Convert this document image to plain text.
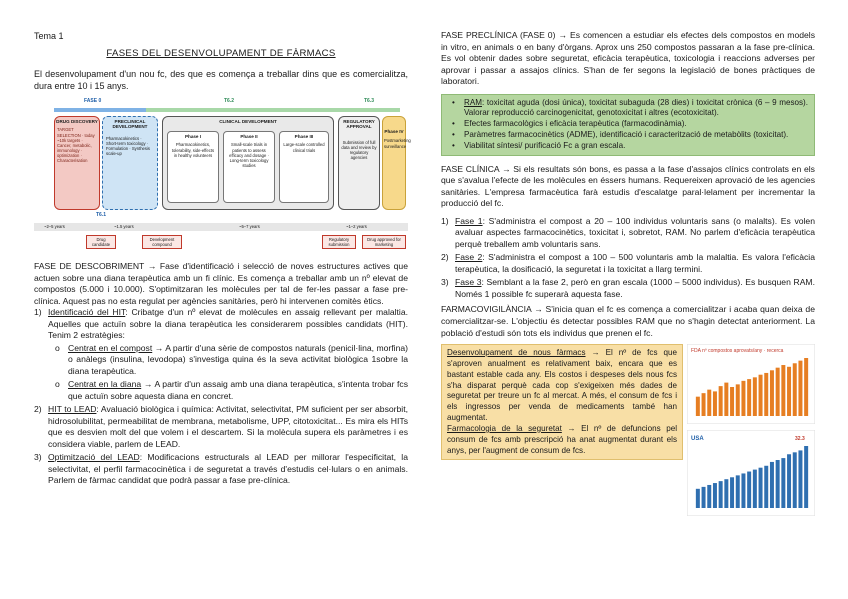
Tema 1
FASES DEL DESENVOLUPAMENT DE FÀRMACS

El desenvolupament d'un nou fc, des que es comença a treballar dins que es comercialitza, dura entre 10 i 15 anys.

FASE 0	T6.2	T6.3
DRUG DISCOVERY
TARGET SELECTION · today ~10k targets · Cancer, metabolic, immunology · optimization · Characterisation
PRECLINICAL DEVELOPMENT
Pharmacokinetics · Short-term toxicology · Formulation · Synthesis scale-up
CLINICAL DEVELOPMENT
Phase I
Pharmacokinetics, tolerability, side-effects in healthy volunteers
Phase II
Small-scale trials in patients to assess efficacy and dosage · Long-term toxicology studies
Phase III
Large-scale controlled clinical trials
REGULATORY APPROVAL
Submission of full data and review by regulatory agencies
Phase IV
Postmarketing surveillance
T6.1
~2–5 years	~1.5 years	~5–7 years	~1–2 years
Drug candidate
Development compound
Regulatory submission
Drug approved for marketing

FASE DE DESCOBRIMENT → Fase d'identificació i selecció de noves estructures actives que actuen sobre una diana terapèutica amb un fi clínic. Es comença a treballar amb un nº elevat de compostos (5.000 i 10.000). S'optimitzaran les molècules per tal de fer-les passar a fase pre-clínica. Aquest pas no esta regulat per agències sanitàries, però hi intervenen comitès ètics.

1) Identificació del HIT: Cribatge d'un nº elevat de molècules en assaig rellevant per malaltia. Aquelles que actuïn sobre la diana terapèutica les considerarem possibles candidats (HIT). Tenim 2 estratègies:
o Centrat en el compost → A partir d'una sèrie de compostos naturals (penicil·lina, morfina) o anàlegs (insulina, levodopa) s'investiga quina és la seva activitat biològica 1sobre la diana terapèutica.
o Centrat en la diana → A partir d'un assaig amb una diana terapèutica, s'intenta trobar fcs que actuïn sobre aquesta diana en concret.
2) HIT to LEAD: Avaluació biològica i química: Activitat, selectivitat, PM suficient per ser absorbit, hidrosolubilitat, permeabilitat de membrana, metabolisme, UPP, citotoxicitat... Es mira els HITs que es desvien molt del que volem i el descartem. Si la molècula supera els paràmetres i es considera viable, parlem de LEAD.
3) Optimització del LEAD: Modificacions estructurals al LEAD per millorar l'especificitat, la selectivitat, el perfil farmacocinètica i de seguretat a través d'estudis cel·lulars o en animals. Parlem de fàrmac candidat que podrà passar a fase pre-clínica.

FASE PRECLÍNICA (FASE 0) → Es comencen a estudiar els efectes dels compostos en models in vitro, en animals o en bany d'òrgans. Aprox uns 250 compostos passaran a la fase pre-clínica. Es vol obtenir dades sobre seguretat, eficàcia terapèutica, toxicologia i reaccions adverses per aprovar i passar a assajos clínics. S'han de fer segons la legislació de bones pràctiques de laboratori.

• RAM: toxicitat aguda (dosi única), toxicitat subaguda (28 dies) i toxicitat crònica (6 – 9 mesos). Valorar reproducció carcinogenicitat, genotoxicitat i altres (ecotoxicitat).
• Efectes farmacològics i eficàcia terapèutica (farmacodinàmia).
• Paràmetres farmacocinètics (ADME), identificació i caracterització de metabòlits (toxicitat).
• Viabilitat síntesi/ purificació Fc a gran escala.

FASE CLÍNICA → Si els resultats són bons, es passa a la fase d'assajos clínics controlats en els que s'avalua l'efecte de les molècules en éssers humans. Requereixen aprovació de les agencies sanitàries. L'empresa farmacèutica farà estudis d'escalatge paral·lelament per incrementar la producció del fc.

1) Fase 1: S'administra el compost a 20 – 100 individus voluntaris sans (o malalts). Es volen avaluar aspectes farmacocinètics, toxicitat i, sobretot, RAM. No parlem d'eficàcia terapèutica perquè treballem amb voluntaris sans.
2) Fase 2: S'administra el compost a 100 – 500 voluntaris amb la malaltia. Es valora l'eficàcia terapèutica, la dosificació, la seguretat i la toxicitat a llarg termini.
3) Fase 3: Semblant a la fase 2, però en gran escala (1000 – 5000 individus). Es busquen RAM. Només 1 possible fc superarà aquesta fase.

FARMACOVIGILÀNCIA → S'inicia quan el fc es comença a comercialitzar i acaba quan deixa de comercialitzar-se. L'objectiu és detectar possibles RAM que no s'hagin detectat anteriorment. La població d'estudi són tots els individus que prenen el fc.

Desenvolupament de nous fàrmacs → El nº de fcs que s'aproven anualment es relativament baix, encara que es bastant estable cada any. Els costos i despeses dels nous fcs s'ha disparat perquè cada cop s'exigeixen més dades de seguretat per treure un fc al mercat. A més, el consum de fcs i els ingressos per venda de medicaments també han augmentat.

Farmacologia de la seguretat → El nº de defuncions pel consum de fcs amb prescripció ha anat augmentat durant els anys, per l'augment de consum de fcs.

FDA nº compostos aprovats/any · recerca

USA	32.3
